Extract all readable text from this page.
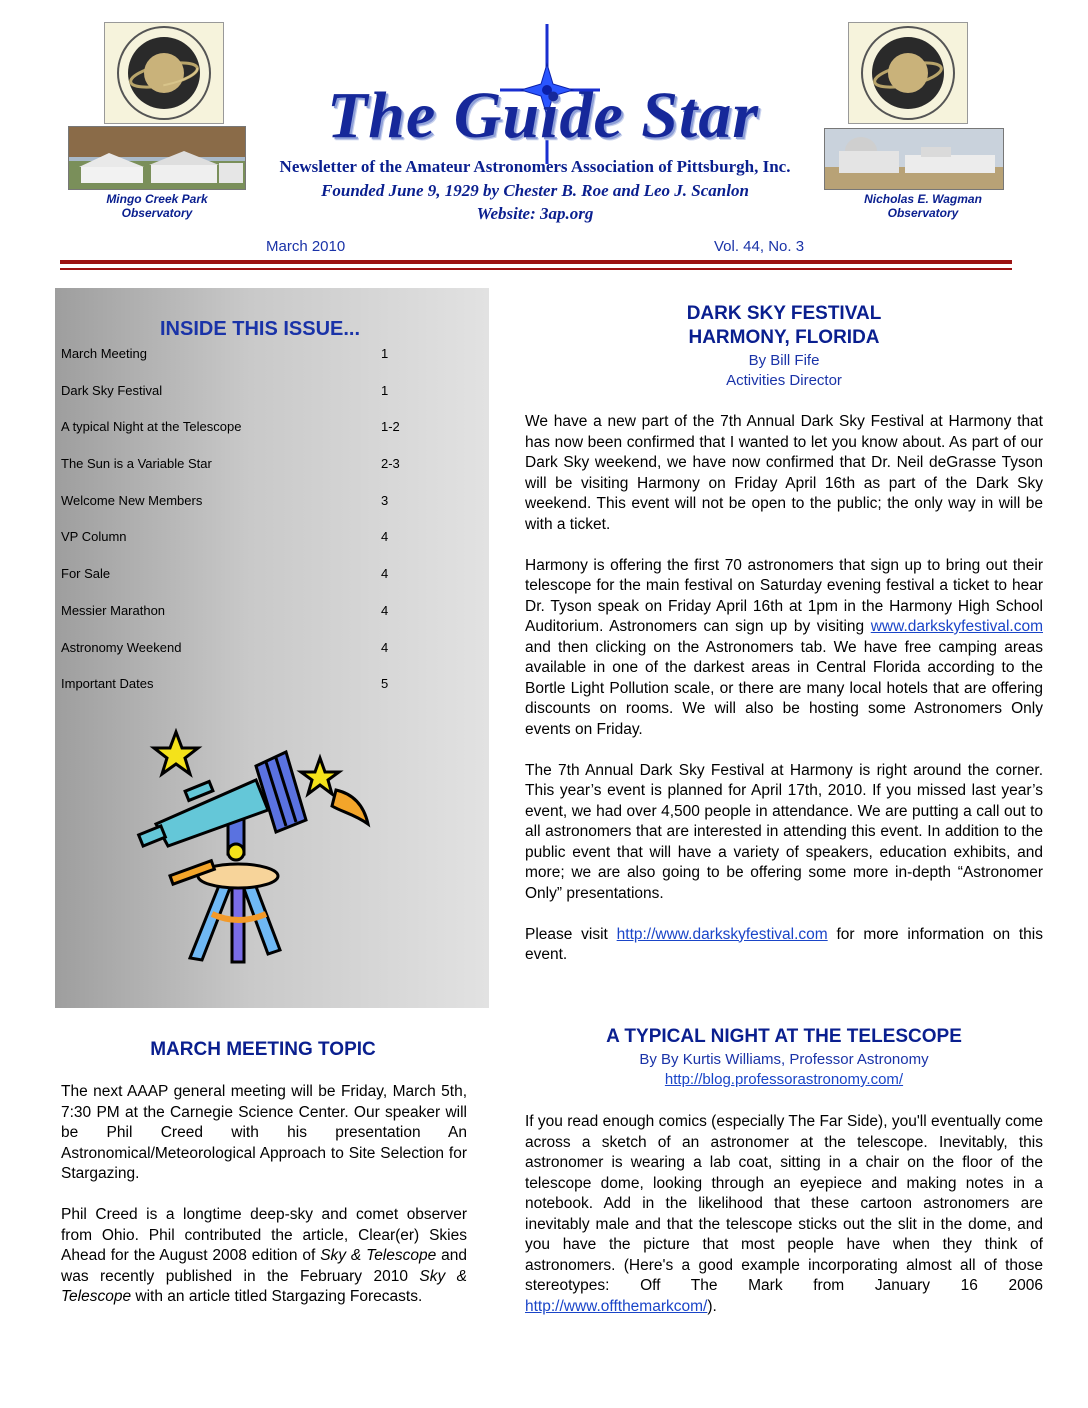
Mingo Creek Park Observatory
Nicholas E. Wagman Observatory
The Guide Star
Newsletter of the Amateur Astronomers Association of Pittsburgh, Inc.
Founded June 9, 1929 by Chester B. Roe and Leo J. Scanlon
Website: 3ap.org
March 2010	Vol. 44, No. 3
INSIDE THIS ISSUE...
March Meeting	1
Dark Sky Festival	1
A typical Night at the Telescope	1-2
The Sun is a Variable Star	2-3
Welcome New Members	3
VP Column	4
For Sale	4
Messier Marathon	4
Astronomy Weekend	4
Important Dates	5
MARCH MEETING TOPIC

The next AAAP general meeting will be Friday, March 5th, 7:30 PM at the Carnegie Science Center. Our speaker will be Phil Creed with his presentation An Astronomical/Meteorological Approach to Site Selection for Stargazing.

Phil Creed is a longtime deep-sky and comet observer from Ohio. Phil contributed the article, Clear(er) Skies Ahead for the August 2008 edition of Sky & Telescope and was recently published in the February 2010 Sky & Telescope with an article titled Stargazing Forecasts.

DARK SKY FESTIVAL
HARMONY, FLORIDA
By Bill Fife
Activities Director

We have a new part of the 7th Annual Dark Sky Festival at Harmony that has now been confirmed that I wanted to let you know about. As part of our Dark Sky weekend, we have now confirmed that Dr. Neil deGrasse Tyson will be visiting Harmony on Friday April 16th as part of the Dark Sky weekend. This event will not be open to the public; the only way in will be with a ticket.

Harmony is offering the first 70 astronomers that sign up to bring out their telescope for the main festival on Saturday evening festival a ticket to hear Dr. Tyson speak on Friday April 16th at 1pm in the Harmony High School Auditorium. Astronomers can sign up by visiting www.darkskyfestival.com and then clicking on the Astronomers tab. We have free camping areas available in one of the darkest areas in Central Florida according to the Bortle Light Pollution scale, or there are many local hotels that are offering discounts on rooms. We will also be hosting some Astronomers Only events on Friday.

The 7th Annual Dark Sky Festival at Harmony is right around the corner. This year’s event is planned for April 17th, 2010. If you missed last year’s event, we had over 4,500 people in attendance. We are putting a call out to all astronomers that are interested in attending this event. In addition to the public event that will have a variety of speakers, education exhibits, and more; we are also going to be offering some more in-depth “Astronomer Only” presentations.

Please visit http://www.darkskyfestival.com for more information on this event.

A TYPICAL NIGHT AT THE TELESCOPE
By By Kurtis Williams, Professor Astronomy
http://blog.professorastronomy.com/

If you read enough comics (especially The Far Side), you'll eventually come across a sketch of an astronomer at the telescope. Inevitably, this astronomer is wearing a lab coat, sitting in a chair on the floor of the telescope dome, looking through an eyepiece and making notes in a notebook. Add in the likelihood that these cartoon astronomers are inevitably male and that the telescope sticks out the slit in the dome, and you have the picture that most people have when they think of astronomers. (Here's a good example incorporating almost all of those stereotypes: Off The Mark from January 16 2006 http://www.offthemarkcom/).
